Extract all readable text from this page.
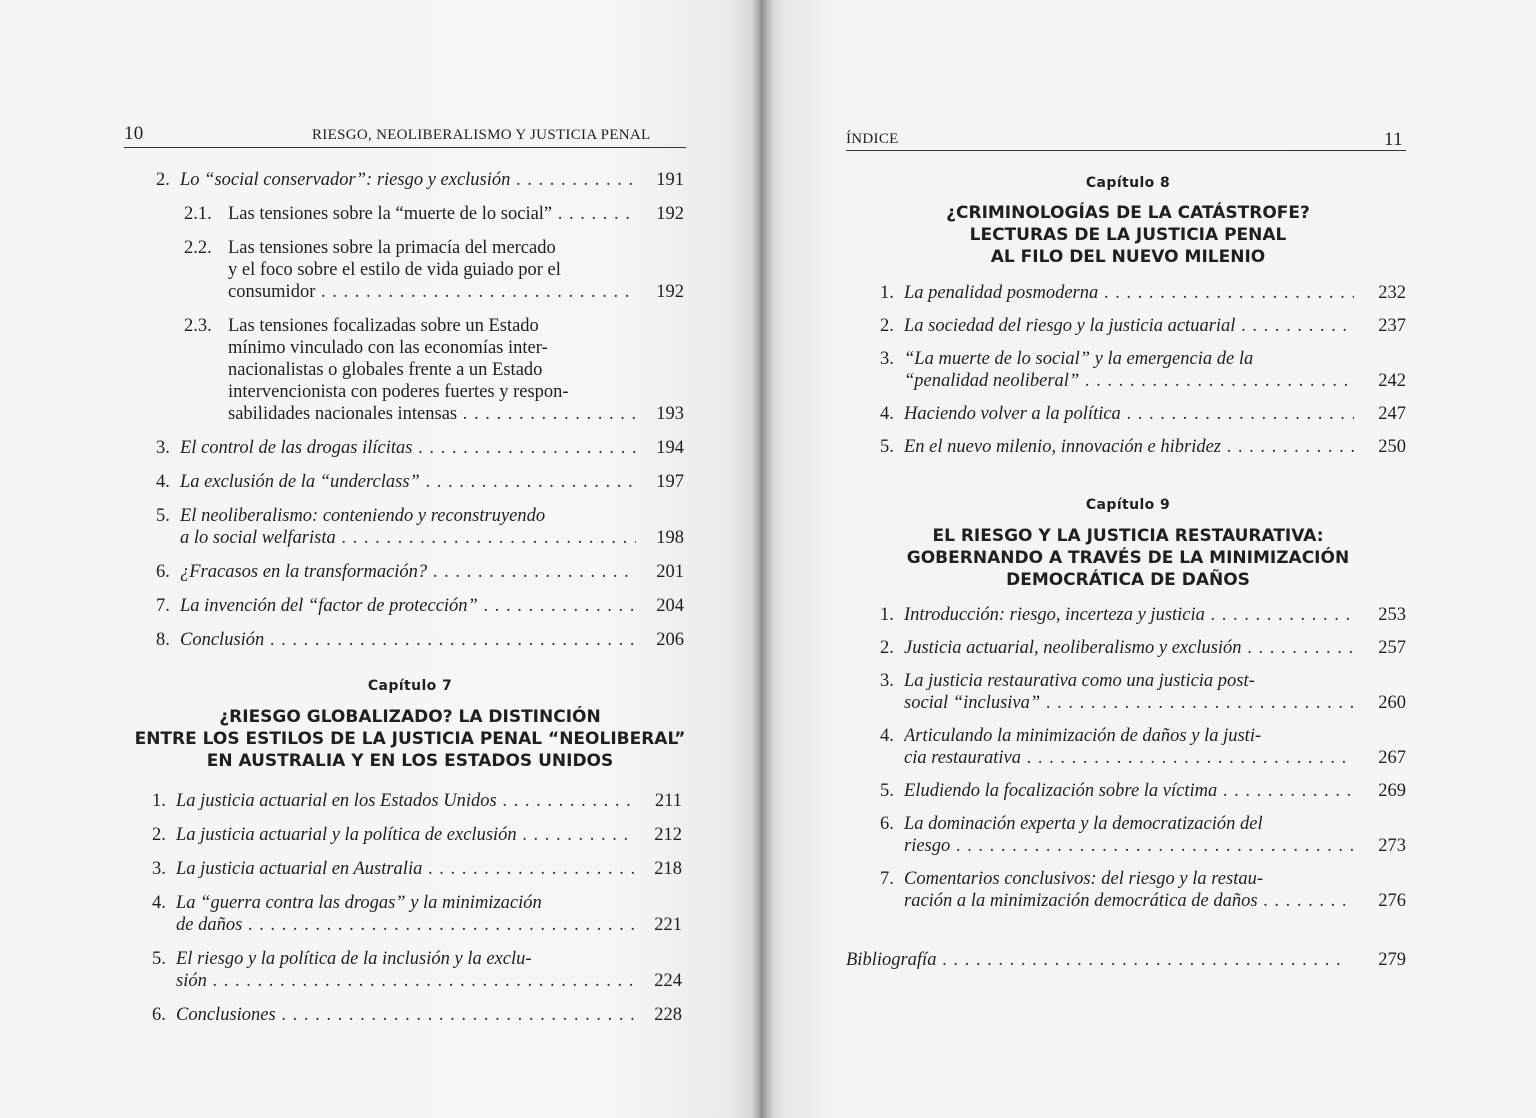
10	RIESGO, NEOLIBERALISMO Y JUSTICIA PENAL	ÍNDICE	11
2. Lo “social conservador”: riesgo y exclusión . . .	191
2.1. Las tensiones sobre la “muerte de lo social” . . .	192
2.2. Las tensiones sobre la primacía del mercado
y el foco sobre el estilo de vida guiado por el
consumidor . . .	192
2.3. Las tensiones focalizadas sobre un Estado
mínimo vinculado con las economías inter-
nacionalistas o globales frente a un Estado
intervencionista con poderes fuertes y respon-
sabilidades nacionales intensas . . .	193
3. El control de las drogas ilícitas . . .	194
4. La exclusión de la “underclass” . . .	197
5. El neoliberalismo: conteniendo y reconstruyendo
a lo social welfarista . . .	198
6. ¿Fracasos en la transformación? . . .	201
7. La invención del “factor de protección” . . .	204
8. Conclusión . . .	206
Capítulo 7
¿RIESGO GLOBALIZADO? LA DISTINCIÓN
ENTRE LOS ESTILOS DE LA JUSTICIA PENAL “NEOLIBERAL”
EN AUSTRALIA Y EN LOS ESTADOS UNIDOS
1. La justicia actuarial en los Estados Unidos . . .	211
2. La justicia actuarial y la política de exclusión . . .	212
3. La justicia actuarial en Australia . . .	218
4. La “guerra contra las drogas” y la minimización
de daños . . .	221
5. El riesgo y la política de la inclusión y la exclu-
sión . . .	224
6. Conclusiones . . .	228
Capítulo 8
¿CRIMINOLOGÍAS DE LA CATÁSTROFE?
LECTURAS DE LA JUSTICIA PENAL
AL FILO DEL NUEVO MILENIO
1. La penalidad posmoderna . . .	232
2. La sociedad del riesgo y la justicia actuarial . . .	237
3. “La muerte de lo social” y la emergencia de la
“penalidad neoliberal” . . .	242
4. Haciendo volver a la política . . .	247
5. En el nuevo milenio, innovación e hibridez . . .	250
Capítulo 9
EL RIESGO Y LA JUSTICIA RESTAURATIVA:
GOBERNANDO A TRAVÉS DE LA MINIMIZACIÓN
DEMOCRÁTICA DE DAÑOS
1. Introducción: riesgo, incerteza y justicia . . .	253
2. Justicia actuarial, neoliberalismo y exclusión . . .	257
3. La justicia restaurativa como una justicia post-
social “inclusiva” . . .	260
4. Articulando la minimización de daños y la justi-
cia restaurativa . . .	267
5. Eludiendo la focalización sobre la víctima . . .	269
6. La dominación experta y la democratización del
riesgo . . .	273
7. Comentarios conclusivos: del riesgo y la restau-
ración a la minimización democrática de daños . . .	276
Bibliografía . . .	279
